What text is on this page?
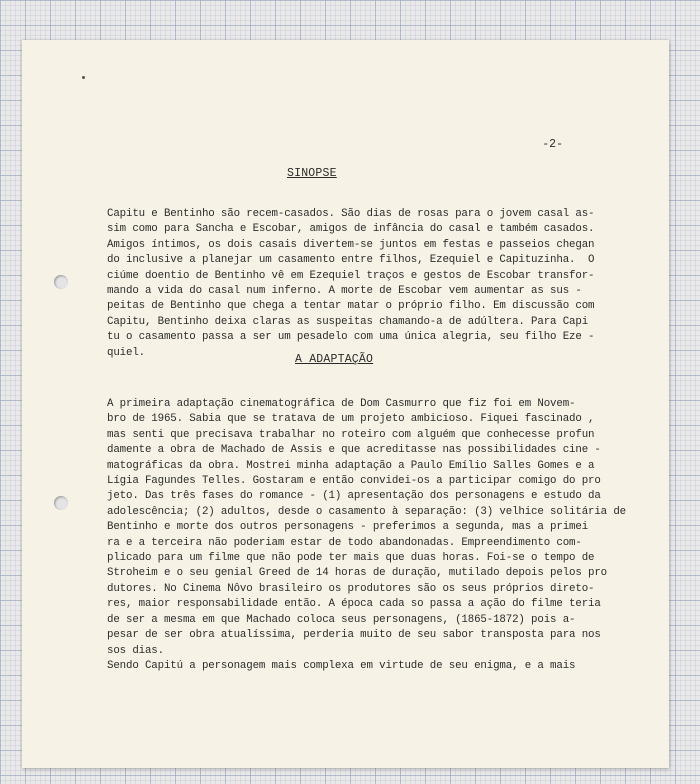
-2-
SINOPSE
Capitu e Bentinho são recem-casados. São dias de rosas para o jovem casal as-
sim como para Sancha e Escobar, amigos de infância do casal e também casados.
Amigos íntimos, os dois casais divertem-se juntos em festas e passeios chegan
do inclusive a planejar um casamento entre filhos, Ezequiel e Capituzinha.  O
ciúme doentio de Bentinho vê em Ezequiel traços e gestos de Escobar transfor-
mando a vida do casal num inferno. A morte de Escobar vem aumentar as sus -
peitas de Bentinho que chega a tentar matar o próprio filho. Em discussão com
Capitu, Bentinho deixa claras as suspeitas chamando-a de adúltera. Para Capi
tu o casamento passa a ser um pesadelo com uma única alegria, seu filho Eze -
quiel.
A ADAPTAÇÃO
A primeira adaptação cinematográfica de Dom Casmurro que fiz foi em Novem-
bro de 1965. Sabia que se tratava de um projeto ambicioso. Fiquei fascinado ,
mas senti que precisava trabalhar no roteiro com alguém que conhecesse profun
damente a obra de Machado de Assis e que acreditasse nas possibilidades cine -
matográficas da obra. Mostrei minha adaptação a Paulo Emílio Salles Gomes e a
Lígia Fagundes Telles. Gostaram e então convidei-os a participar comigo do pro
jeto. Das três fases do romance - (1) apresentação dos personagens e estudo da
adolescência; (2) adultos, desde o casamento à separação: (3) velhice solitária de
Bentinho e morte dos outros personagens - preferimos a segunda, mas a primei
ra e a terceira não poderiam estar de todo abandonadas. Empreendimento com-
plicado para um filme que não pode ter mais que duas horas. Foi-se o tempo de
Stroheim e o seu genial Greed de 14 horas de duração, mutilado depois pelos pro
dutores. No Cinema Nôvo brasileiro os produtores são os seus próprios direto-
res, maior responsabilidade então. A época cada so passa a ação do filme teria
de ser a mesma em que Machado coloca seus personagens, (1865-1872) pois a-
pesar de ser obra atualíssima, perderia muito de seu sabor transposta para nos
sos dias.
Sendo Capitú a personagem mais complexa em virtude de seu enigma, e a mais
